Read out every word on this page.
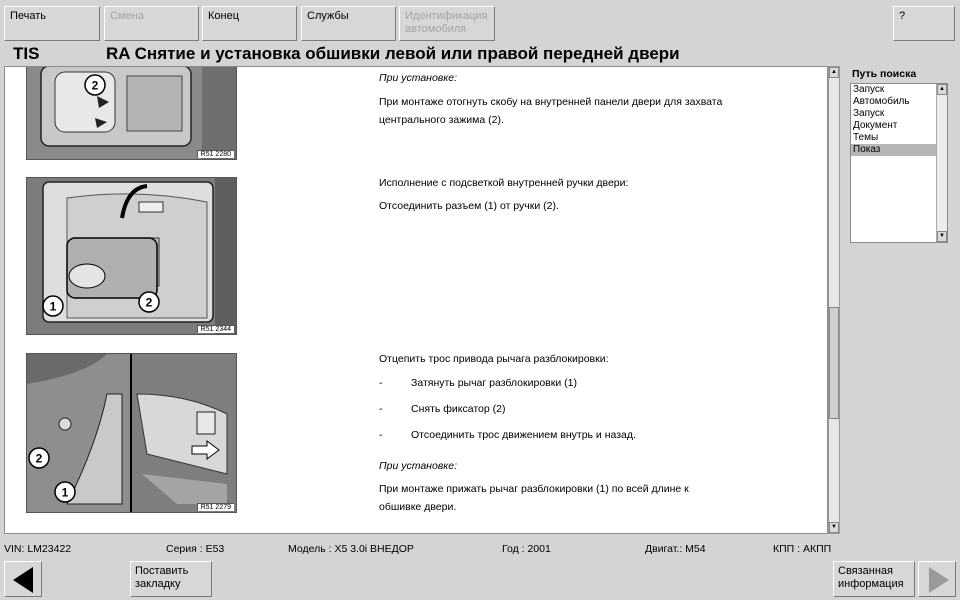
Печать	Смена	Конец	Службы	Идентификация
автомобиля
?
TIS	RA Снятие и установка обшивки левой или правой передней двери
2
R51 2280
При установке:
При монтаже отогнуть скобу на внутренней панели двери для захвата
центрального зажима (2).
1	2
R51 2344
Исполнение с подсветкой внутренней ручки двери:
Отсоединить разъем (1) от ручки (2).
2
1
R51 2279
Отцепить трос привода рычага разблокировки:
-	Затянуть рычаг разблокировки (1)
-	Снять фиксатор (2)
-	Отсоединить трос движением внутрь и назад.
При установке:
При монтаже прижать рычаг разблокировки (1) по всей длине к
обшивке двери.
▲
▼
Путь поиска
Запуск
Автомобиль
Запуск
Документ
Темы
Показ
▲
▼
VIN: LM23422	Серия : E53	Модель : X5 3.0i ВНЕДОР	Год : 2001	Двигат.: M54	КПП : АКПП
Поставить
закладку
Связанная
информация
